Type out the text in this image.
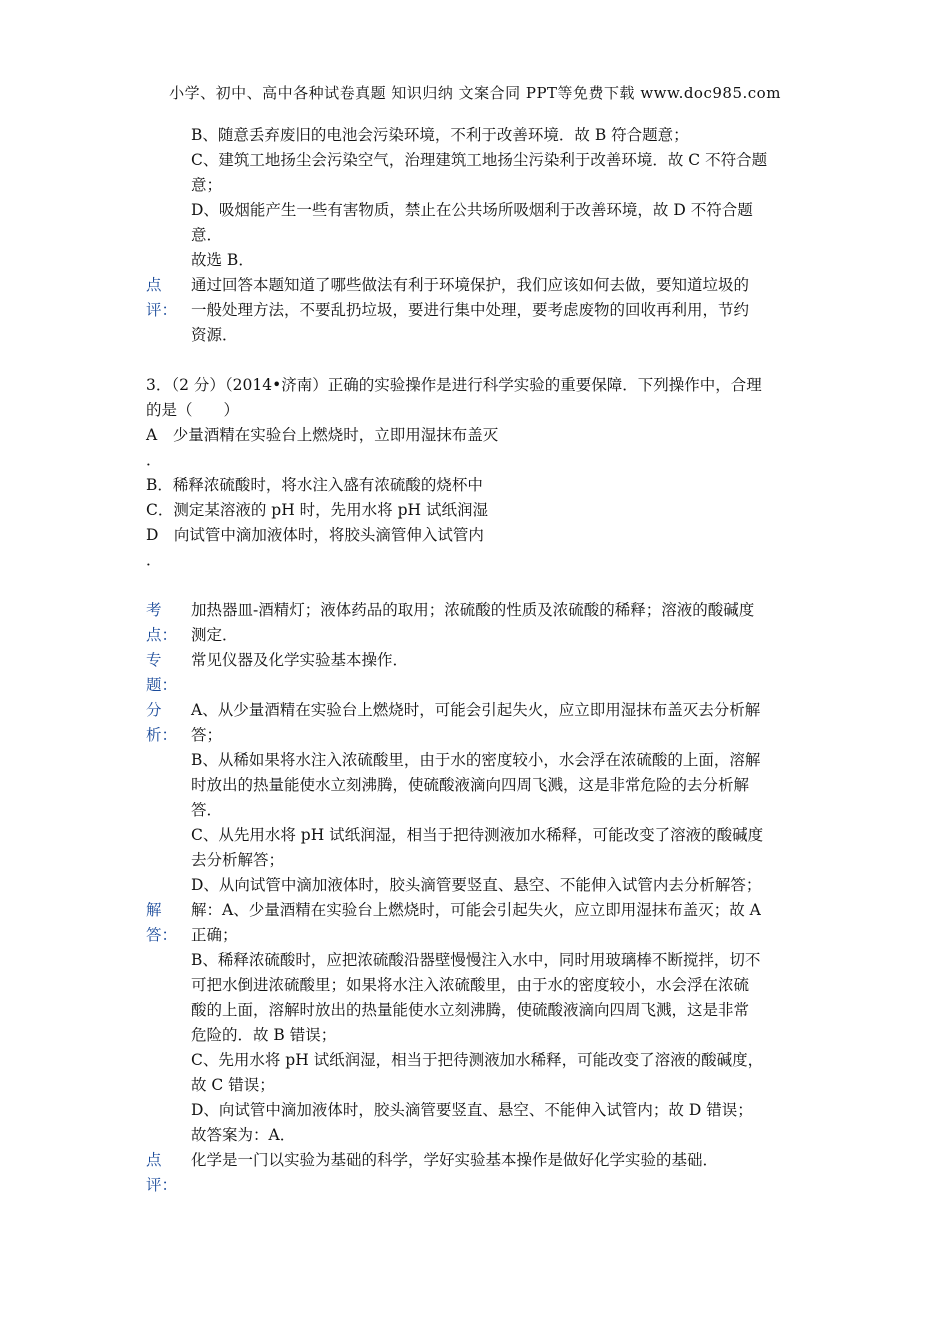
小学、初中、高中各种试卷真题 知识归纳 文案合同 PPT等免费下载 www.doc985.com
B、随意丢弃废旧的电池会污染环境，不利于改善环境．故 B 符合题意；
C、建筑工地扬尘会污染空气，治理建筑工地扬尘污染利于改善环境．故 C 不符合题
意；
D、吸烟能产生一些有害物质，禁止在公共场所吸烟利于改善环境，故 D 不符合题
意．
故选 B．
点
评：
通过回答本题知道了哪些做法有利于环境保护，我们应该如何去做，要知道垃圾的
一般处理方法，不要乱扔垃圾，要进行集中处理，要考虑废物的回收再利用，节约
资源．
3．（2 分）（2014•济南）正确的实验操作是进行科学实验的重要保障．下列操作中，合理
的是（　　）
A　少量酒精在实验台上燃烧时，立即用湿抹布盖灭
．
B．稀释浓硫酸时，将水注入盛有浓硫酸的烧杯中
C．测定某溶液的 pH 时，先用水将 pH 试纸润湿
D　向试管中滴加液体时，将胶头滴管伸入试管内
．
考
点：
加热器皿-酒精灯；液体药品的取用；浓硫酸的性质及浓硫酸的稀释；溶液的酸碱度
测定．
专
题：
常见仪器及化学实验基本操作．

分
析：
A、从少量酒精在实验台上燃烧时，可能会引起失火，应立即用湿抹布盖灭去分析解
答；
B、从稀如果将水注入浓硫酸里，由于水的密度较小，水会浮在浓硫酸的上面，溶解
时放出的热量能使水立刻沸腾，使硫酸液滴向四周飞溅，这是非常危险的去分析解
答．
C、从先用水将 pH 试纸润湿，相当于把待测液加水稀释，可能改变了溶液的酸碱度
去分析解答；
D、从向试管中滴加液体时，胶头滴管要竖直、悬空、不能伸入试管内去分析解答；
解
答：
解：A、少量酒精在实验台上燃烧时，可能会引起失火，应立即用湿抹布盖灭；故 A
正确；
B、稀释浓硫酸时，应把浓硫酸沿器壁慢慢注入水中，同时用玻璃棒不断搅拌，切不
可把水倒进浓硫酸里；如果将水注入浓硫酸里，由于水的密度较小，水会浮在浓硫
酸的上面，溶解时放出的热量能使水立刻沸腾，使硫酸液滴向四周飞溅，这是非常
危险的．故 B 错误；
C、先用水将 pH 试纸润湿，相当于把待测液加水稀释，可能改变了溶液的酸碱度，
故 C 错误；
D、向试管中滴加液体时，胶头滴管要竖直、悬空、不能伸入试管内；故 D 错误；
故答案为：A．
点
评：
化学是一门以实验为基础的科学，学好实验基本操作是做好化学实验的基础．
